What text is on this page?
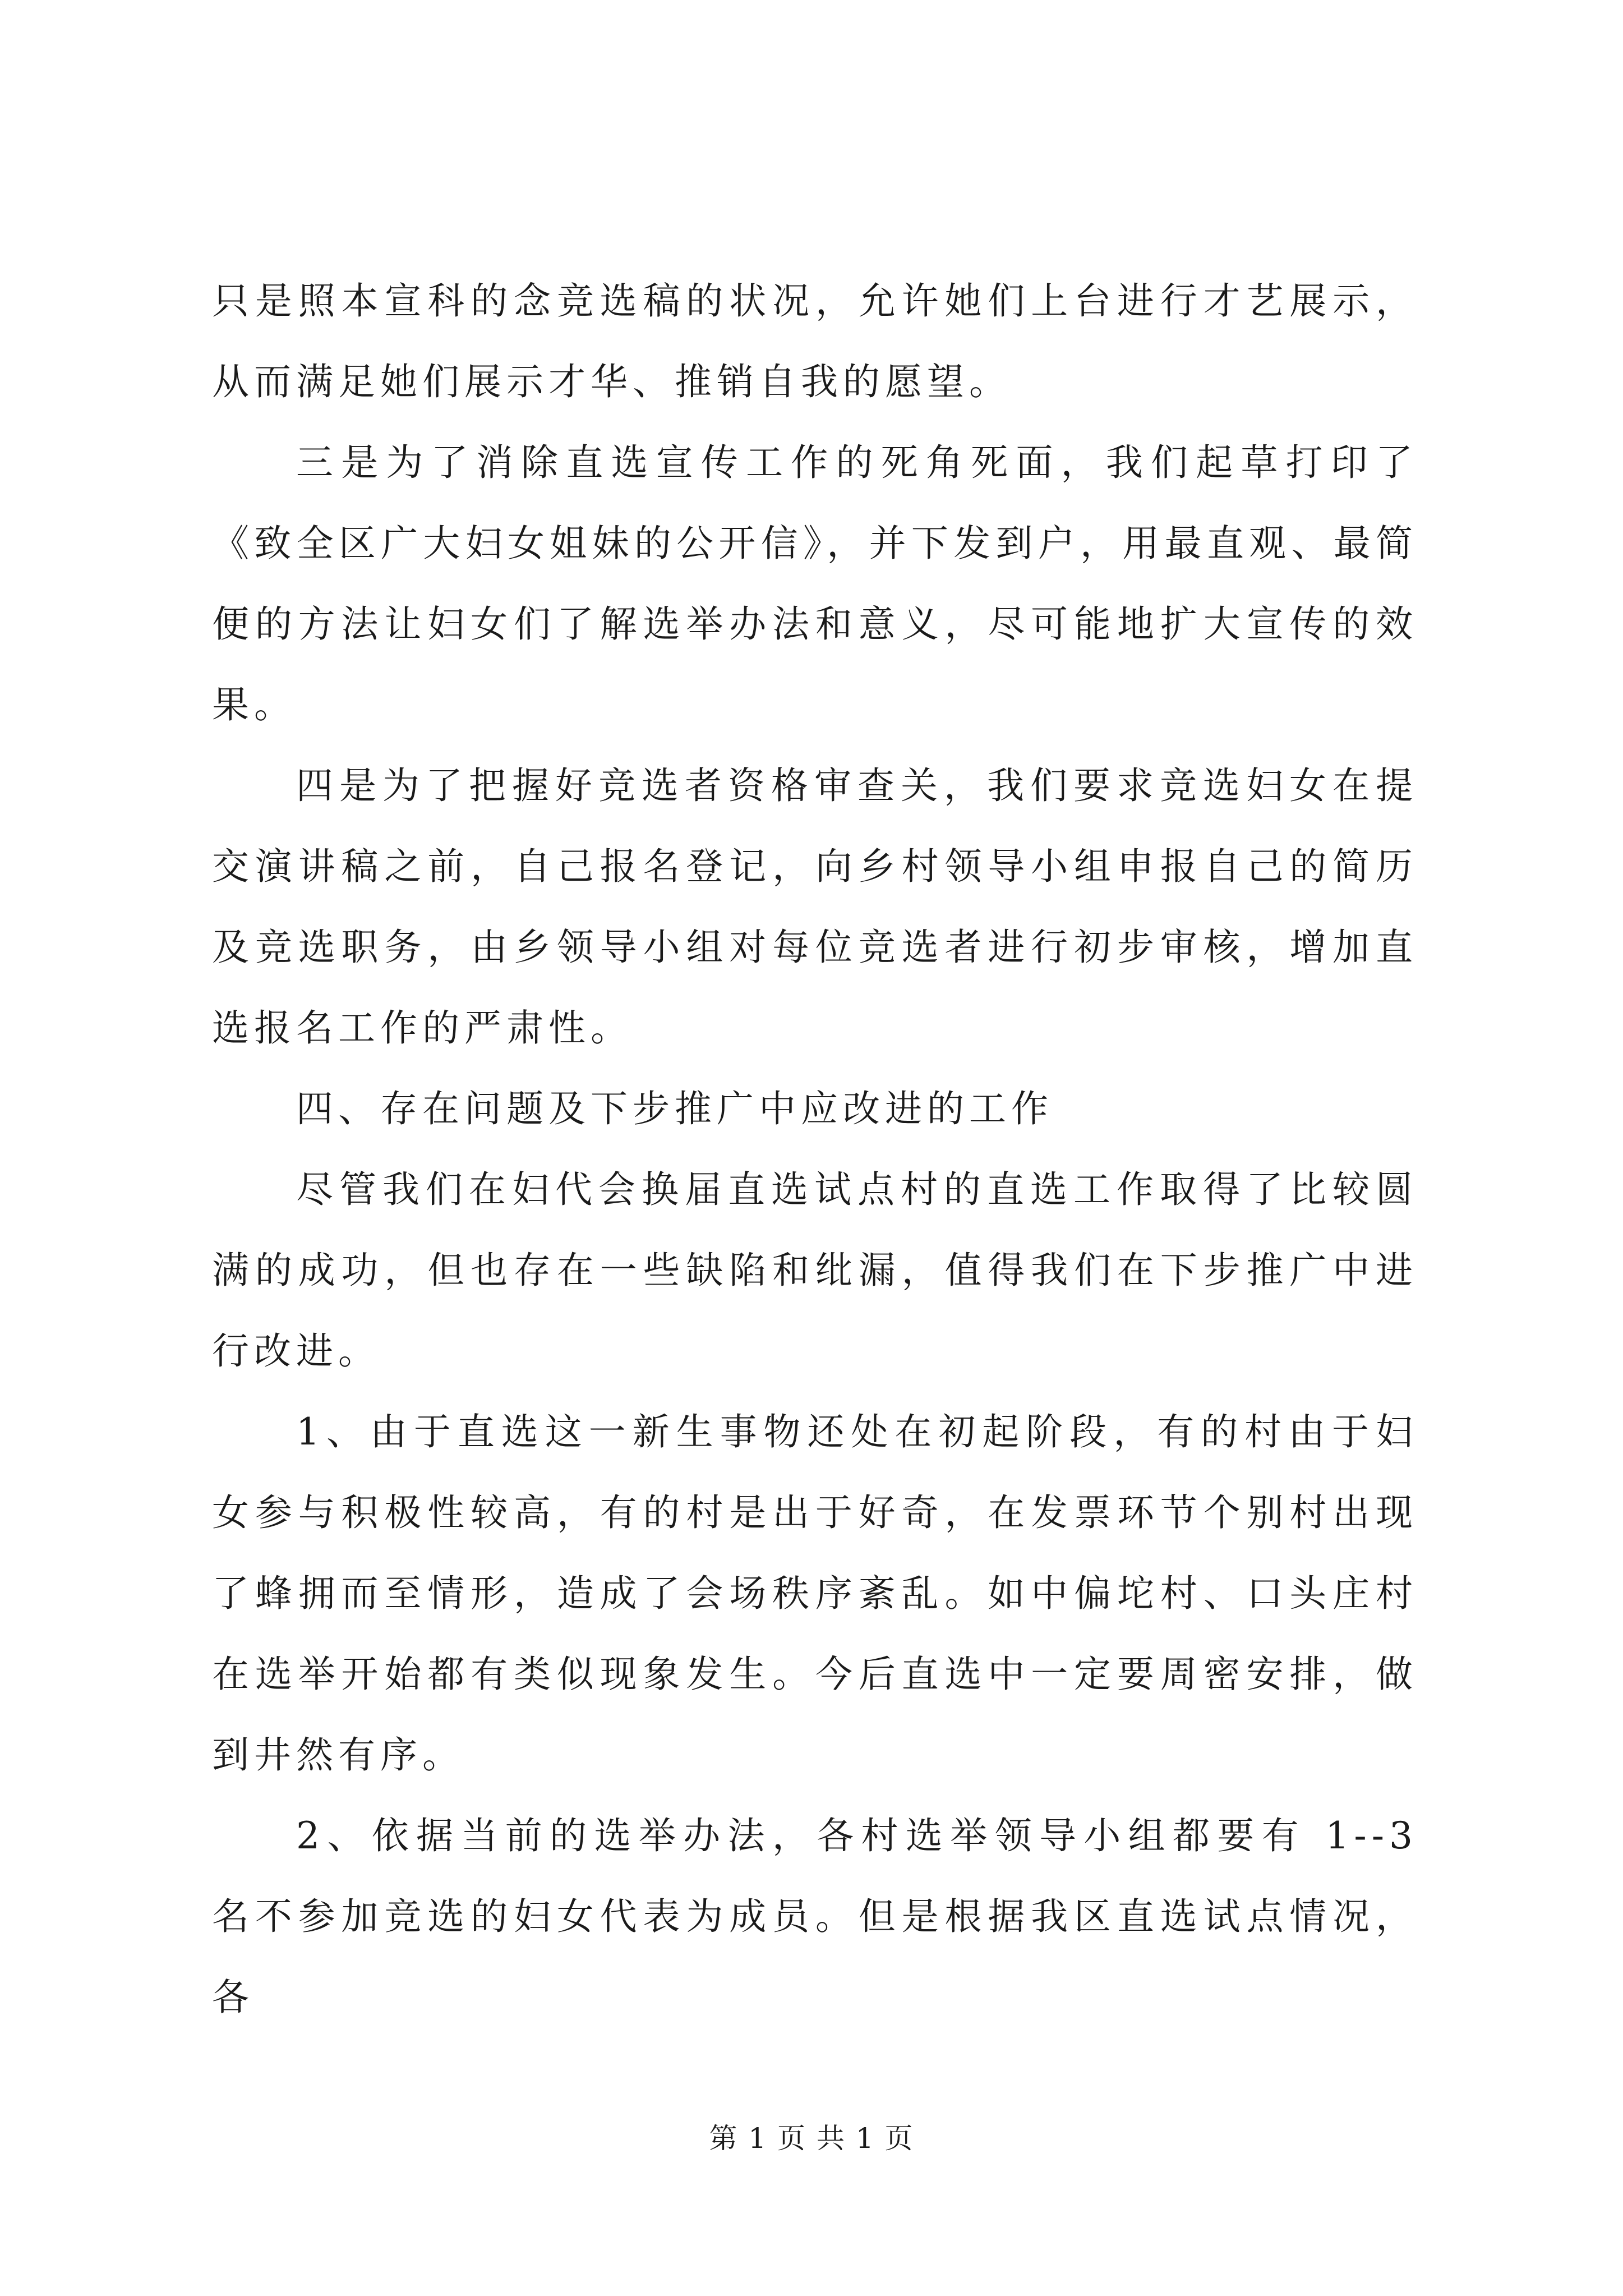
只是照本宣科的念竞选稿的状况，允许她们上台进行才艺展示，从而满足她们展示才华、推销自我的愿望。

三是为了消除直选宣传工作的死角死面，我们起草打印了《致全区广大妇女姐妹的公开信》，并下发到户，用最直观、最简便的方法让妇女们了解选举办法和意义，尽可能地扩大宣传的效果。

四是为了把握好竞选者资格审查关，我们要求竞选妇女在提交演讲稿之前，自己报名登记，向乡村领导小组申报自己的简历及竞选职务，由乡领导小组对每位竞选者进行初步审核，增加直选报名工作的严肃性。

四、存在问题及下步推广中应改进的工作

尽管我们在妇代会换届直选试点村的直选工作取得了比较圆满的成功，但也存在一些缺陷和纰漏，值得我们在下步推广中进行改进。

1、由于直选这一新生事物还处在初起阶段，有的村由于妇女参与积极性较高，有的村是出于好奇，在发票环节个别村出现了蜂拥而至情形，造成了会场秩序紊乱。如中偏坨村、口头庄村在选举开始都有类似现象发生。今后直选中一定要周密安排，做到井然有序。

2、依据当前的选举办法，各村选举领导小组都要有 1--3 名不参加竞选的妇女代表为成员。但是根据我区直选试点情况，各

第 1 页 共 1 页
